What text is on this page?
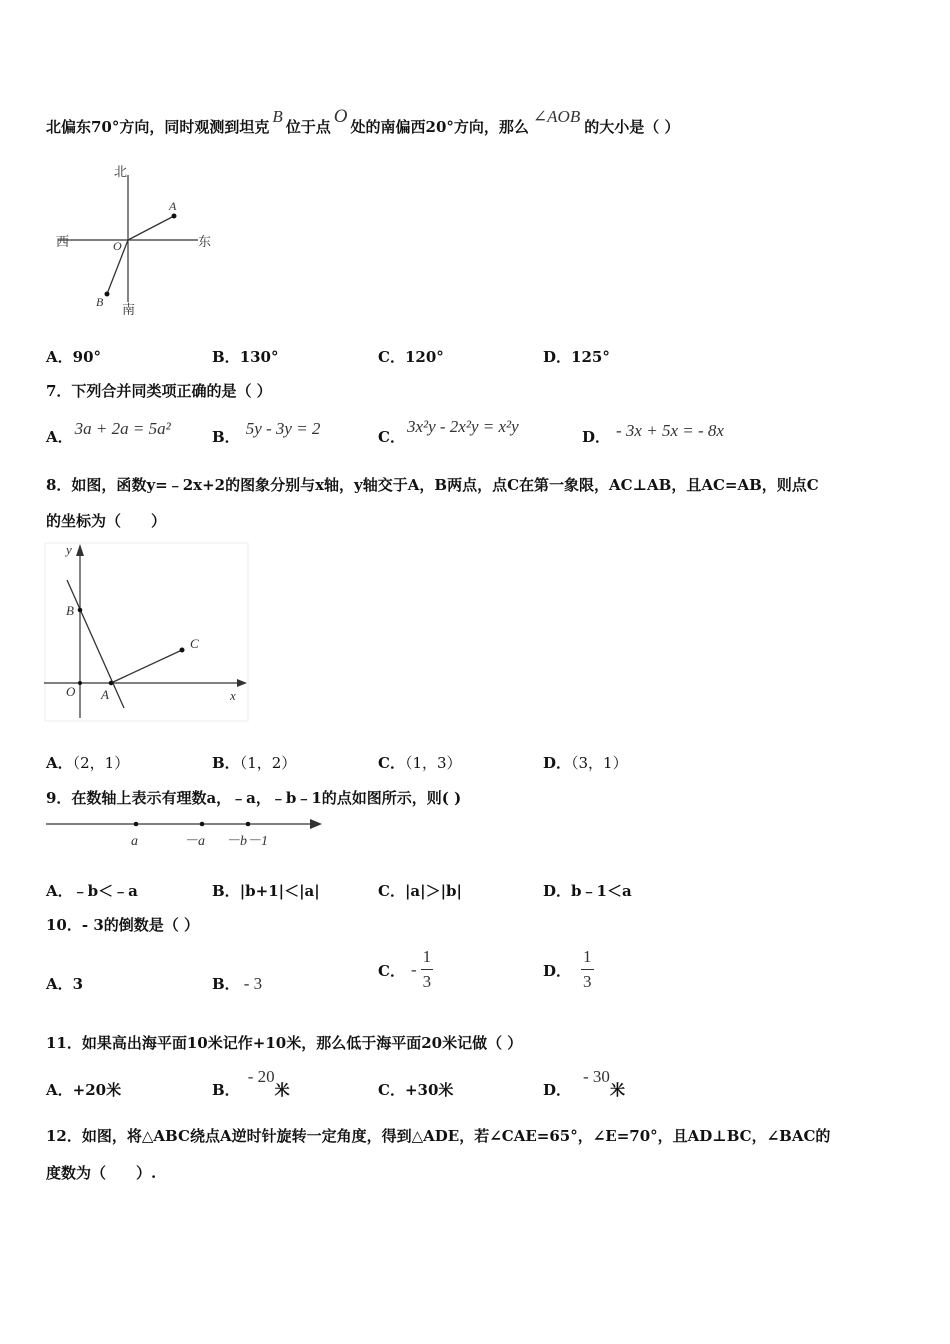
北偏东70°方向，同时观测到坦克B位于点 O 处的南偏西20°方向，那么∠AOB的大小是（ ）
北
南
东
西
A
B
O
A．90°	B．130°	C．120°	D．125°
7．下列合并同类项正确的是（ ）
A． 3a + 2a = 5a²	B． 5y - 3y = 2	C．3x²y - 2x²y = x²y
D． - 3x + 5x = - 8x
8．如图，函数y=﹣2x+2的图象分别与x轴，y轴交于A，B两点，点C在第一象限，AC⊥AB，且AC=AB，则点C
的坐标为（　　）
y
x
B
C
O A
A．（2，1）	B．（1，2）	C．（1，3）	D．（3，1）
9．在数轴上表示有理数a，﹣a，﹣b﹣1的点如图所示，则( )
a	－a －b－1
A．﹣b＜﹣a	B．|b+1|＜|a|	C．|a|＞|b|	D．b﹣1＜a
10．- 3的倒数是（ ）
A．3	B． - 3
C． - $\frac{1}{3}$	D． $\frac{1}{3}$
11．如果高出海平面10米记作+10米，那么低于海平面20米记做（ ）
A．+20米	B．- 20米	C．+30米	D．- 30米
12．如图，将△ABC绕点A逆时针旋转一定角度，得到△ADE，若∠CAE=65°，∠E=70°，且AD⊥BC，∠BAC的
度数为（　　）.
